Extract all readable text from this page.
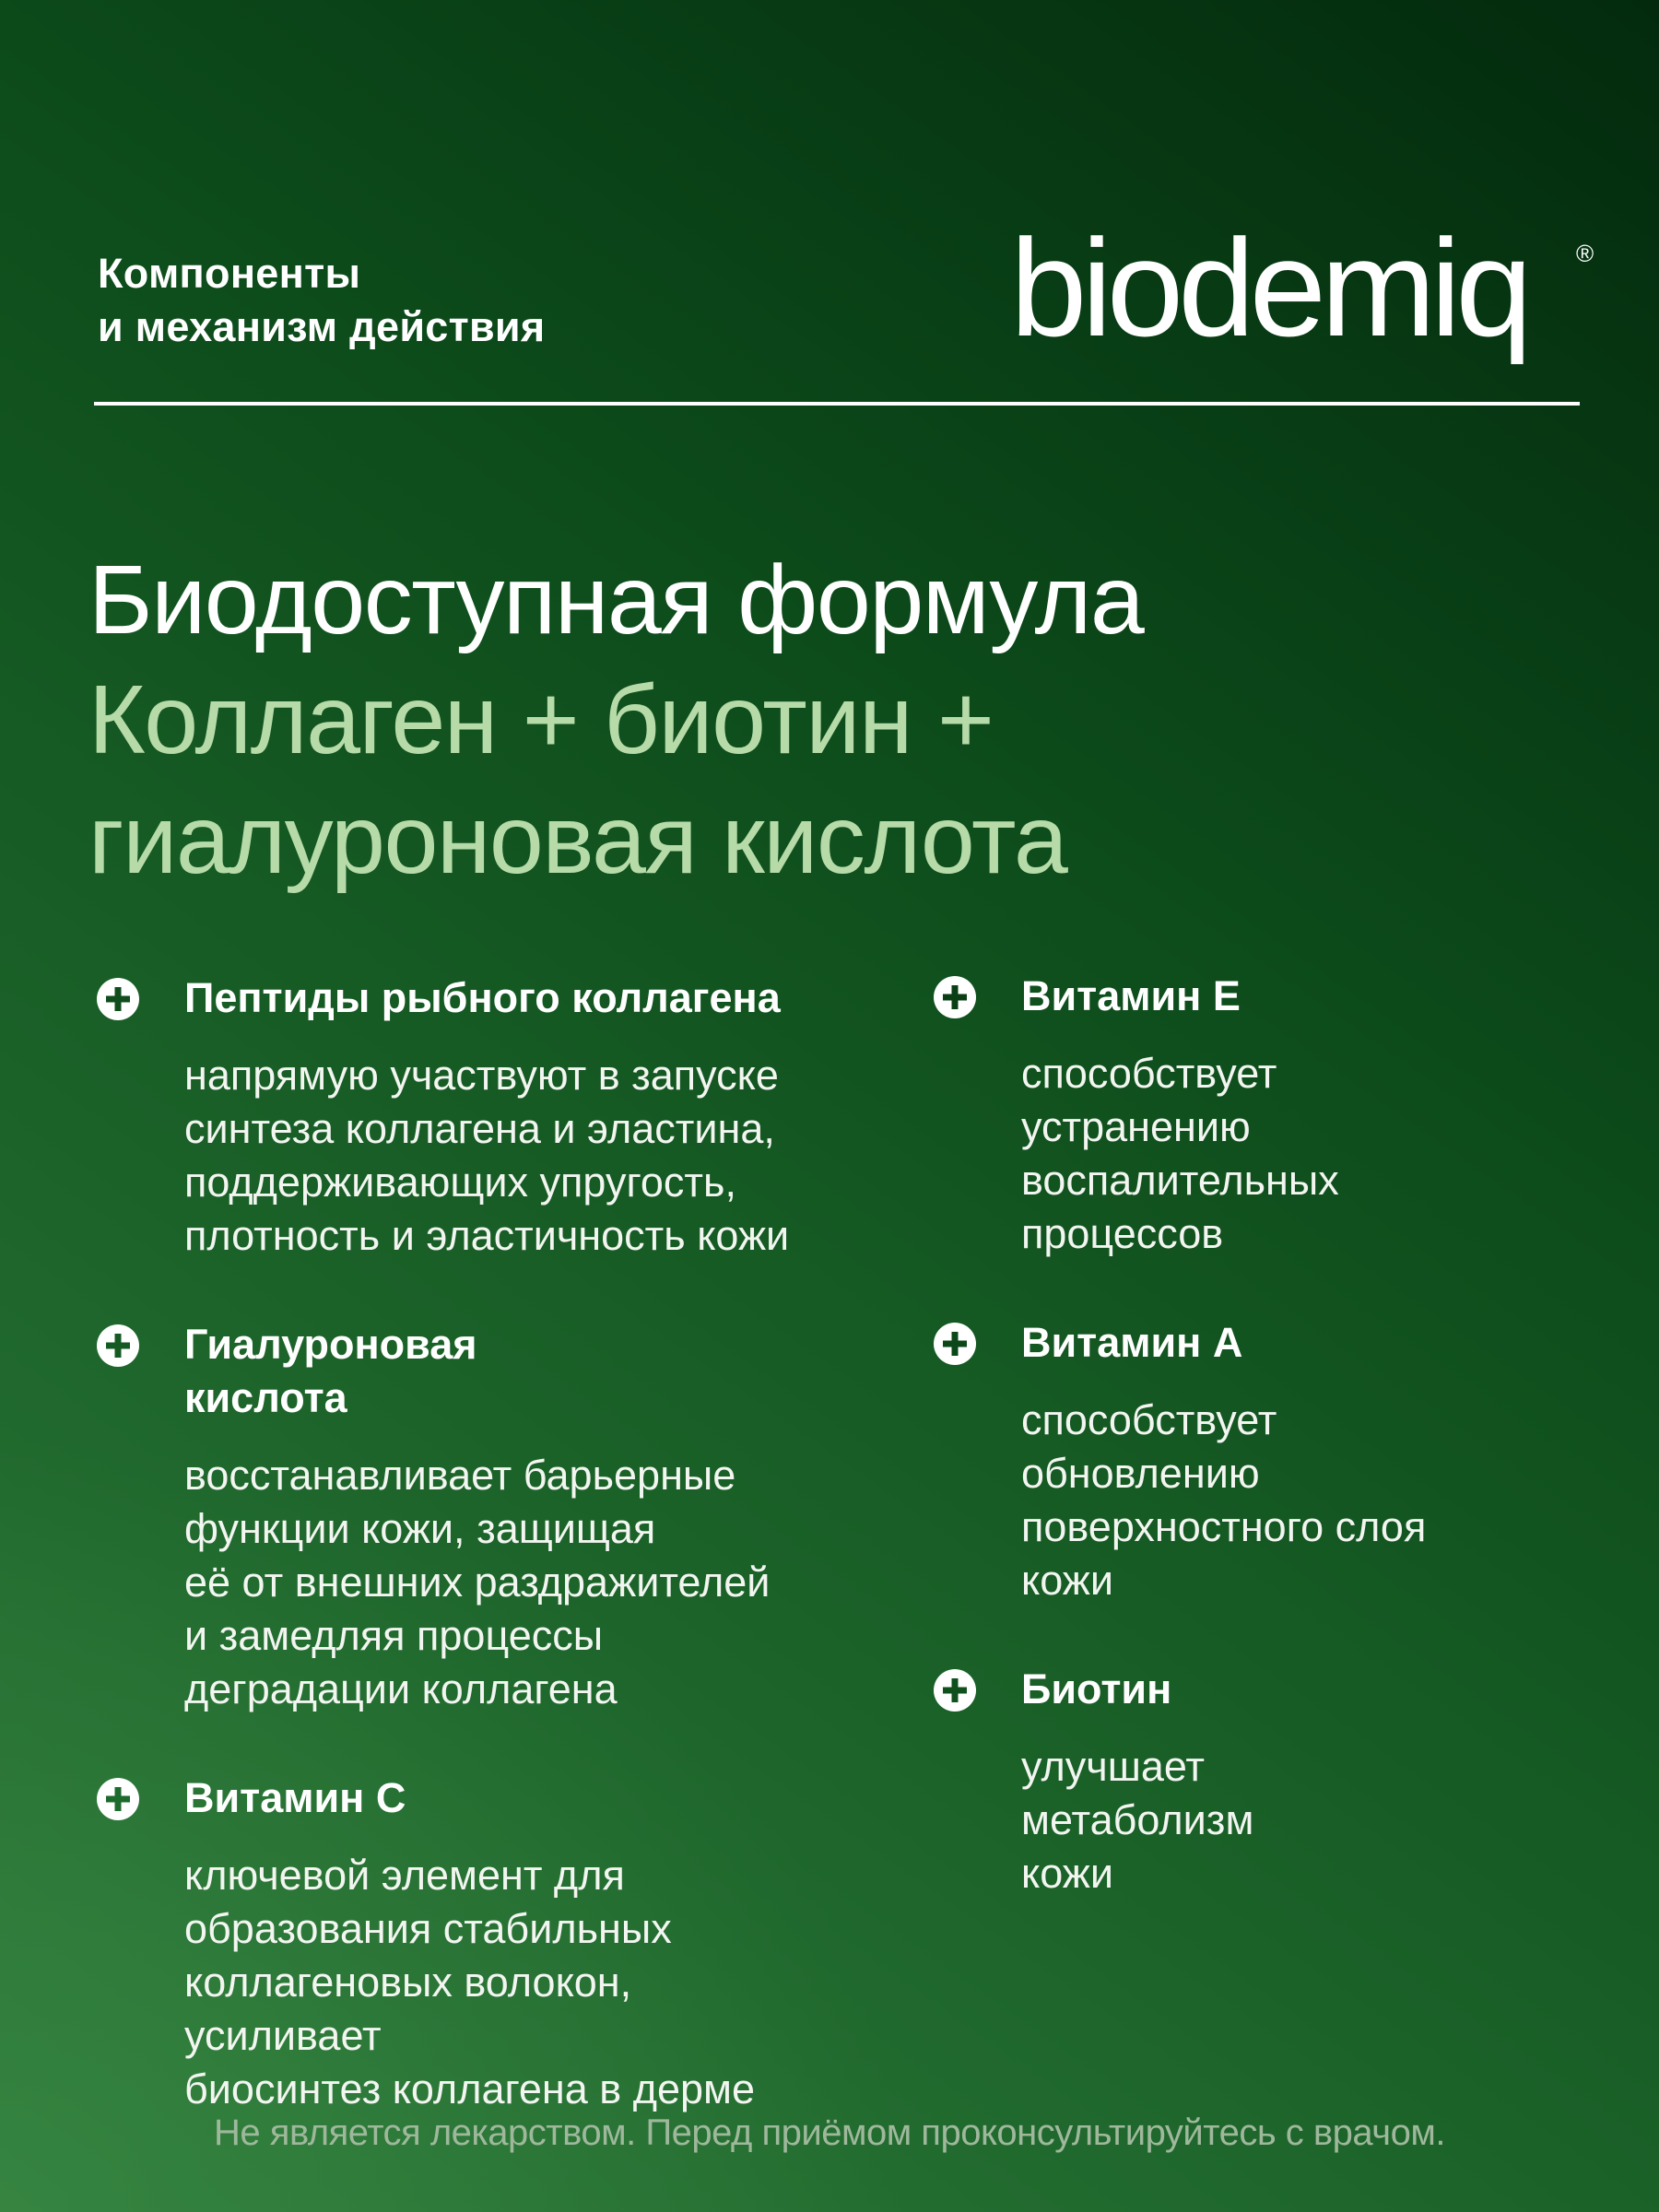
Компоненты
и механизм действия	biodemiq ®
Биодоступная формула
Коллаген + биотин +
гиалуроновая кислота
Пептиды рыбного коллагена
напрямую участвуют в запуске
синтеза коллагена и эластина,
поддерживающих упругость,
плотность и эластичность кожи
Гиалуроновая
кислота
восстанавливает барьерные
функции кожи, защищая
её от внешних раздражителей
и замедляя процессы
деградации коллагена
Витамин С
ключевой элемент для
образования стабильных
коллагеновых волокон, усиливает
биосинтез коллагена в дерме
Витамин Е
способствует
устранению
воспалительных
процессов
Витамин А
способствует
обновлению
поверхностного слоя
кожи
Биотин
улучшает
метаболизм
кожи
Не является лекарством. Перед приёмом проконсультируйтесь с врачом.
